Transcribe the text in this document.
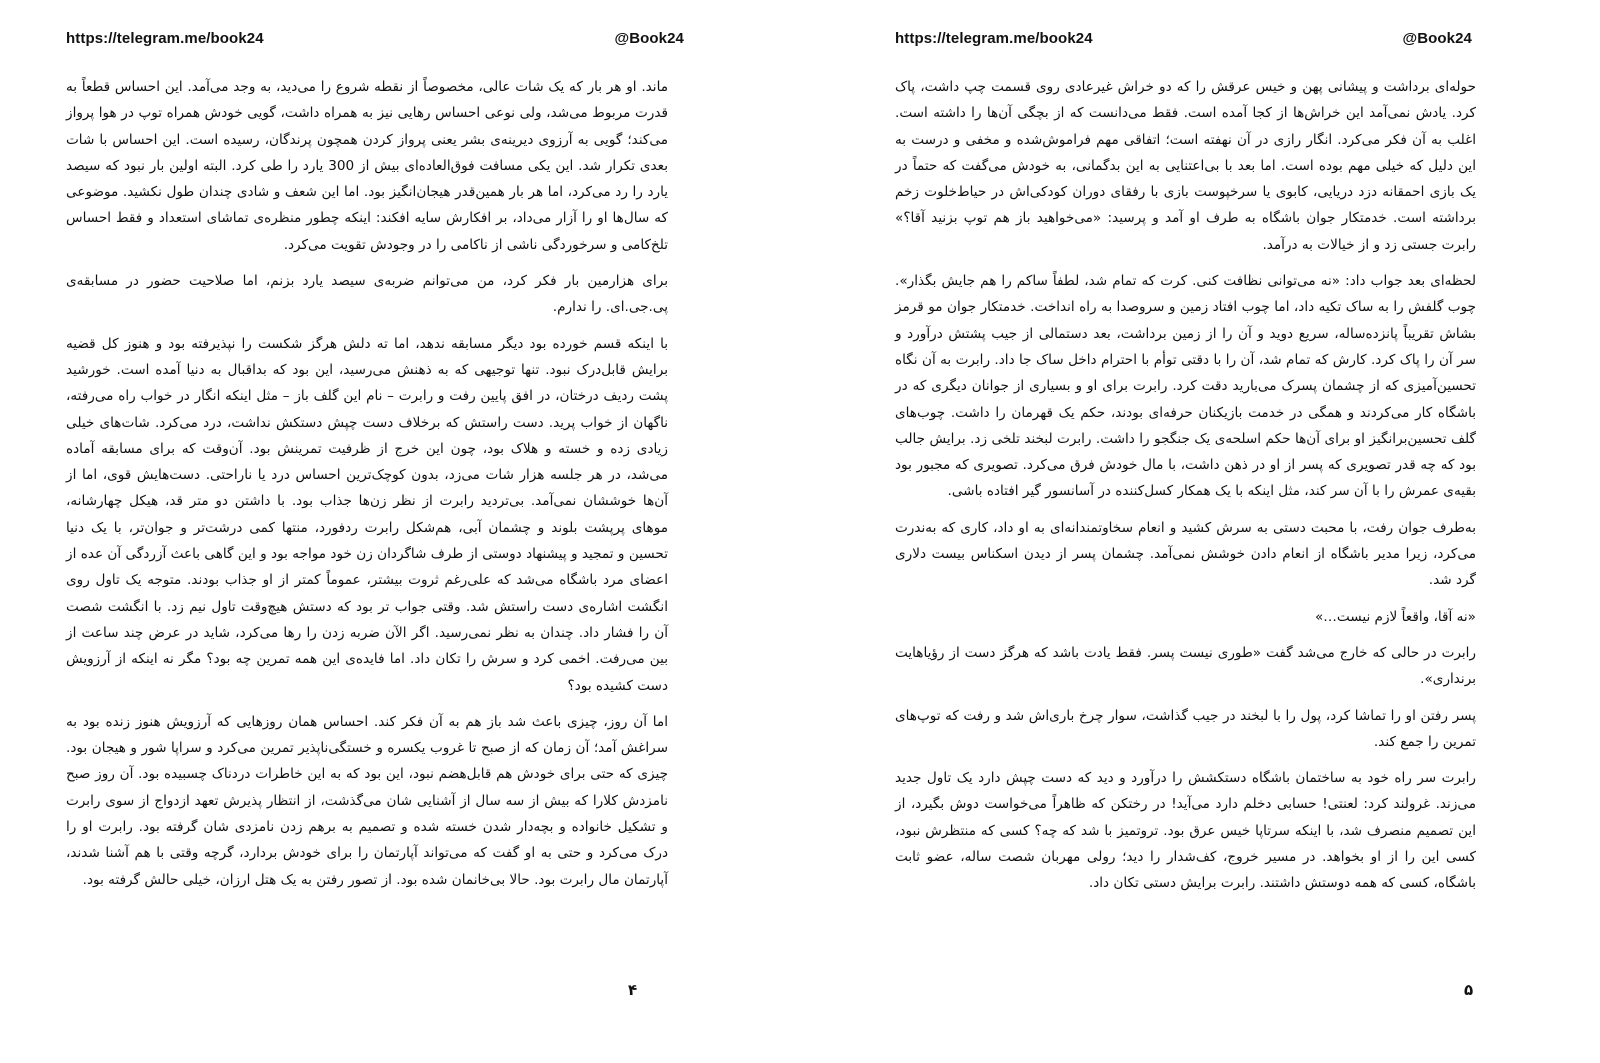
https://telegram.me/book24	@Book24

ماند. او هر بار که یک شات عالی، مخصوصاً از نقطه شروع را می‌دید، به وجد می‌آمد. این احساس قطعاً به قدرت مربوط می‌شد، ولی نوعی احساس رهایی نیز به همراه داشت، گویی خودش همراه توپ در هوا پرواز می‌کند؛ گویی به آرزوی دیرینه‌ی بشر یعنی پرواز کردن همچون پرندگان، رسیده است. این احساس با شات بعدی تکرار شد. این یکی مسافت فوق‌العاده‌ای بیش از 300 یارد را طی کرد. البته اولین بار نبود که سیصد یارد را رد می‌کرد، اما هر بار همین‌قدر هیجان‌انگیز بود. اما این شعف و شادی چندان طول نکشید. موضوعی که سال‌ها او را آزار می‌داد، بر افکارش سایه افکند: اینکه چطور منظره‌ی تماشای استعداد و فقط احساس تلخ‌کامی و سرخوردگی ناشی از ناکامی را در وجودش تقویت می‌کرد.

برای هزارمین بار فکر کرد، من می‌توانم ضربه‌ی سیصد یارد بزنم، اما صلاحیت حضور در مسابقه‌ی پی.جی.ای. را ندارم.

با اینکه قسم خورده بود دیگر مسابقه ندهد، اما ته دلش هرگز شکست را نپذیرفته بود و هنوز کل قضیه برایش قابل‌درک نبود. تنها توجیهی که به ذهنش می‌رسید، این بود که بداقبال به دنیا آمده است. خورشید پشت ردیف درختان، در افق پایین رفت و رابرت – نام این گلف باز – مثل اینکه انگار در خواب راه می‌رفته، ناگهان از خواب پرید. دست راستش که برخلاف دست چپش دستکش نداشت، درد می‌کرد. شات‌های خیلی زیادی زده و خسته و هلاک بود، چون این خرج از ظرفیت تمرینش بود. آن‌وقت که برای مسابقه آماده می‌شد، در هر جلسه هزار شات می‌زد، بدون کوچک‌ترین احساس درد یا ناراحتی. دست‌هایش قوی، اما از آن‌ها خوششان نمی‌آمد. بی‌تردید رابرت از نظر زن‌ها جذاب بود. با داشتن دو متر قد، هیکل چهارشانه، موهای پرپشت بلوند و چشمان آبی، هم‌شکل رابرت ردفورد، منتها کمی درشت‌تر و جوان‌تر، با یک دنیا تحسین و تمجید و پیشنهاد دوستی از طرف شاگردان زن خود مواجه بود و این گاهی باعث آزردگی آن عده از اعضای مرد باشگاه می‌شد که علی‌رغم ثروت بیشتر، عموماً کمتر از او جذاب بودند. متوجه یک تاول روی انگشت اشاره‌ی دست راستش شد. وقتی جواب تر بود که دستش هیچ‌وقت تاول نیم زد. با انگشت شصت آن را فشار داد. چندان به نظر نمی‌رسید. اگر الآن ضربه زدن را رها می‌کرد، شاید در عرض چند ساعت از بین می‌رفت. اخمی کرد و سرش را تکان داد. اما فایده‌ی این همه تمرین چه بود؟ مگر نه اینکه از آرزویش دست کشیده بود؟

اما آن روز، چیزی باعث شد باز هم به آن فکر کند. احساس همان روزهایی که آرزویش هنوز زنده بود به سراغش آمد؛ آن زمان که از صبح تا غروب یکسره و خستگی‌ناپذیر تمرین می‌کرد و سراپا شور و هیجان بود. چیزی که حتی برای خودش هم قابل‌هضم نبود، این بود که به این خاطرات دردناک چسبیده بود. آن روز صبح نامزدش کلارا که بیش از سه سال از آشنایی شان می‌گذشت، از انتظار پذیرش تعهد ازدواج از سوی رابرت و تشکیل خانواده و بچه‌دار شدن خسته شده و تصمیم به برهم زدن نامزدی شان گرفته بود. رابرت او را درک می‌کرد و حتی به او گفت که می‌تواند آپارتمان را برای خودش بردارد، گرچه وقتی با هم آشنا شدند، آپارتمان مال رابرت بود. حالا بی‌خانمان شده بود. از تصور رفتن به یک هتل ارزان، خیلی حالش گرفته بود.

۴
https://telegram.me/book24	@Book24

حوله‌ای برداشت و پیشانی پهن و خیس عرقش را که دو خراش غیرعادی روی قسمت چپ داشت، پاک کرد. یادش نمی‌آمد این خراش‌ها از کجا آمده است. فقط می‌دانست که از بچگی آن‌ها را داشته است. اغلب به آن فکر می‌کرد. انگار رازی در آن نهفته است؛ اتفاقی مهم فراموش‌شده و مخفی و درست به این دلیل که خیلی مهم بوده است. اما بعد با بی‌اعتنایی به این بدگمانی، به خودش می‌گفت که حتماً در یک بازی احمقانه دزد دریایی، کابوی یا سرخپوست بازی با رفقای دوران کودکی‌اش در حیاط‌خلوت زخم برداشته است. خدمتکار جوان باشگاه به طرف او آمد و پرسید: «می‌خواهید باز هم توپ بزنید آقا؟» رابرت جستی زد و از خیالات به درآمد.

لحظه‌ای بعد جواب داد: «نه می‌توانی نظافت کنی. کرت که تمام شد، لطفاً ساکم را هم جایش بگذار». چوب گلفش را به ساک تکیه داد، اما چوب افتاد زمین و سروصدا به راه انداخت. خدمتکار جوان مو قرمز بشاش تقریباً پانزده‌ساله، سریع دوید و آن را از زمین برداشت، بعد دستمالی از جیب پشتش درآورد و سر آن را پاک کرد. کارش که تمام شد، آن را با دقتی توأم با احترام داخل ساک جا داد. رابرت به آن نگاه تحسین‌آمیزی که از چشمان پسرک می‌بارید دقت کرد. رابرت برای او و بسیاری از جوانان دیگری که در باشگاه کار می‌کردند و همگی در خدمت بازیکنان حرفه‌ای بودند، حکم یک قهرمان را داشت. چوب‌های گلف تحسین‌برانگیز او برای آن‌ها حکم اسلحه‌ی یک جنگجو را داشت. رابرت لبخند تلخی زد. برایش جالب بود که چه قدر تصویری که پسر از او در ذهن داشت، با مال خودش فرق می‌کرد. تصویری که مجبور بود بقیه‌ی عمرش را با آن سر کند، مثل اینکه با یک همکار کسل‌کننده در آسانسور گیر افتاده باشی.

به‌طرف جوان رفت، با محبت دستی به سرش کشید و انعام سخاوتمندانه‌ای به او داد، کاری که به‌ندرت می‌کرد، زیرا مدیر باشگاه از انعام دادن خوشش نمی‌آمد. چشمان پسر از دیدن اسکناس بیست دلاری گرد شد.

«نه آقا، واقعاً لازم نیست…»

رابرت در حالی که خارج می‌شد گفت «طوری نیست پسر. فقط یادت باشد که هرگز دست از رؤیاهایت برنداری».

پسر رفتن او را تماشا کرد، پول را با لبخند در جیب گذاشت، سوار چرخ باری‌اش شد و رفت که توپ‌های تمرین را جمع کند.

رابرت سر راه خود به ساختمان باشگاه دستکشش را درآورد و دید که دست چپش دارد یک تاول جدید می‌زند. غرولند کرد: لعنتی! حسابی دخلم دارد می‌آید! در رختکن که ظاهراً می‌خواست دوش بگیرد، از این تصمیم منصرف شد، با اینکه سرتاپا خیس عرق بود. تروتمیز با شد که چه؟ کسی که منتظرش نبود، کسی این را از او بخواهد. در مسیر خروج، کف‌شدار را دید؛ رولی مهربان شصت ساله، عضو ثابت باشگاه، کسی که همه دوستش داشتند. رابرت برایش دستی تکان داد.

۵
